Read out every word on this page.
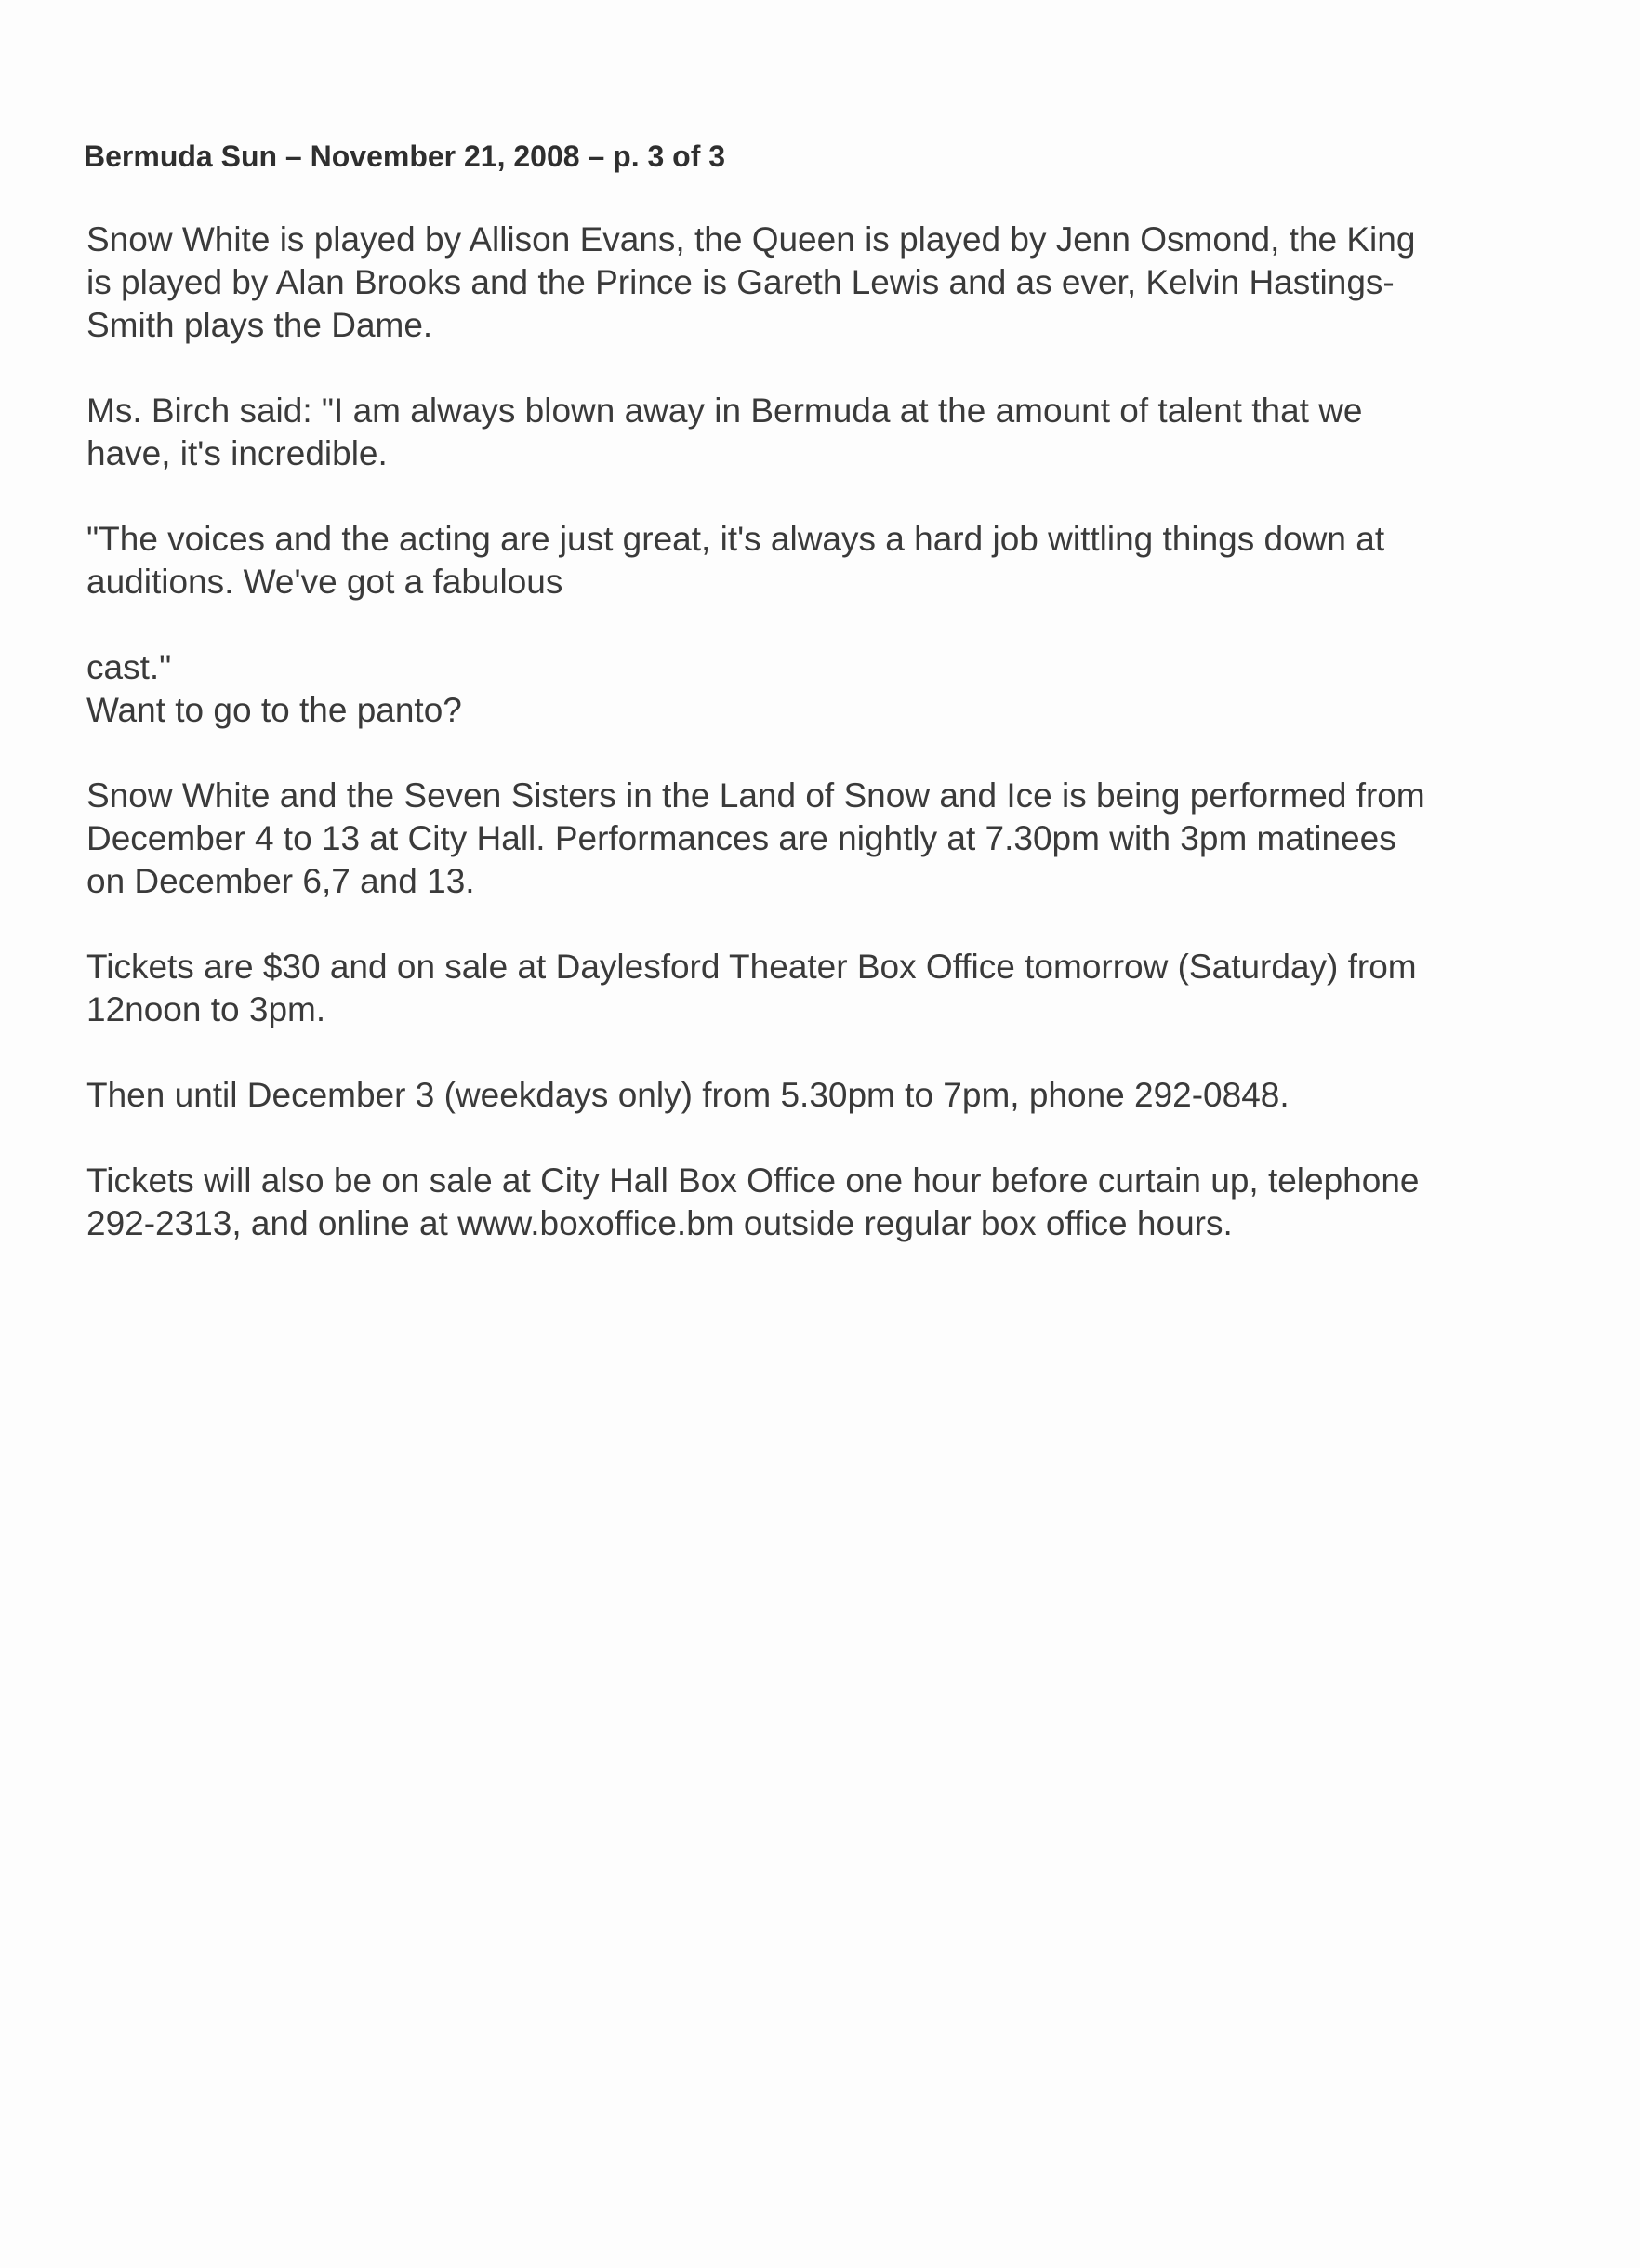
Bermuda Sun – November 21, 2008 – p. 3 of 3

Snow White is played by Allison Evans, the Queen is played by Jenn Osmond, the King
is played by Alan Brooks and the Prince is Gareth Lewis and as ever, Kelvin Hastings-
Smith plays the Dame.

Ms. Birch said: "I am always blown away in Bermuda at the amount of talent that we
have, it's incredible.

"The voices and the acting are just great, it's always a hard job wittling things down at
auditions. We've got a fabulous

cast."
Want to go to the panto?

Snow White and the Seven Sisters in the Land of Snow and Ice is being performed from
December 4 to 13 at City Hall. Performances are nightly at 7.30pm with 3pm matinees
on December 6,7 and 13.

Tickets are $30 and on sale at Daylesford Theater Box Office tomorrow (Saturday) from
12noon to 3pm.

Then until December 3 (weekdays only) from 5.30pm to 7pm, phone 292-0848.

Tickets will also be on sale at City Hall Box Office one hour before curtain up, telephone
292-2313, and online at www.boxoffice.bm outside regular box office hours.
